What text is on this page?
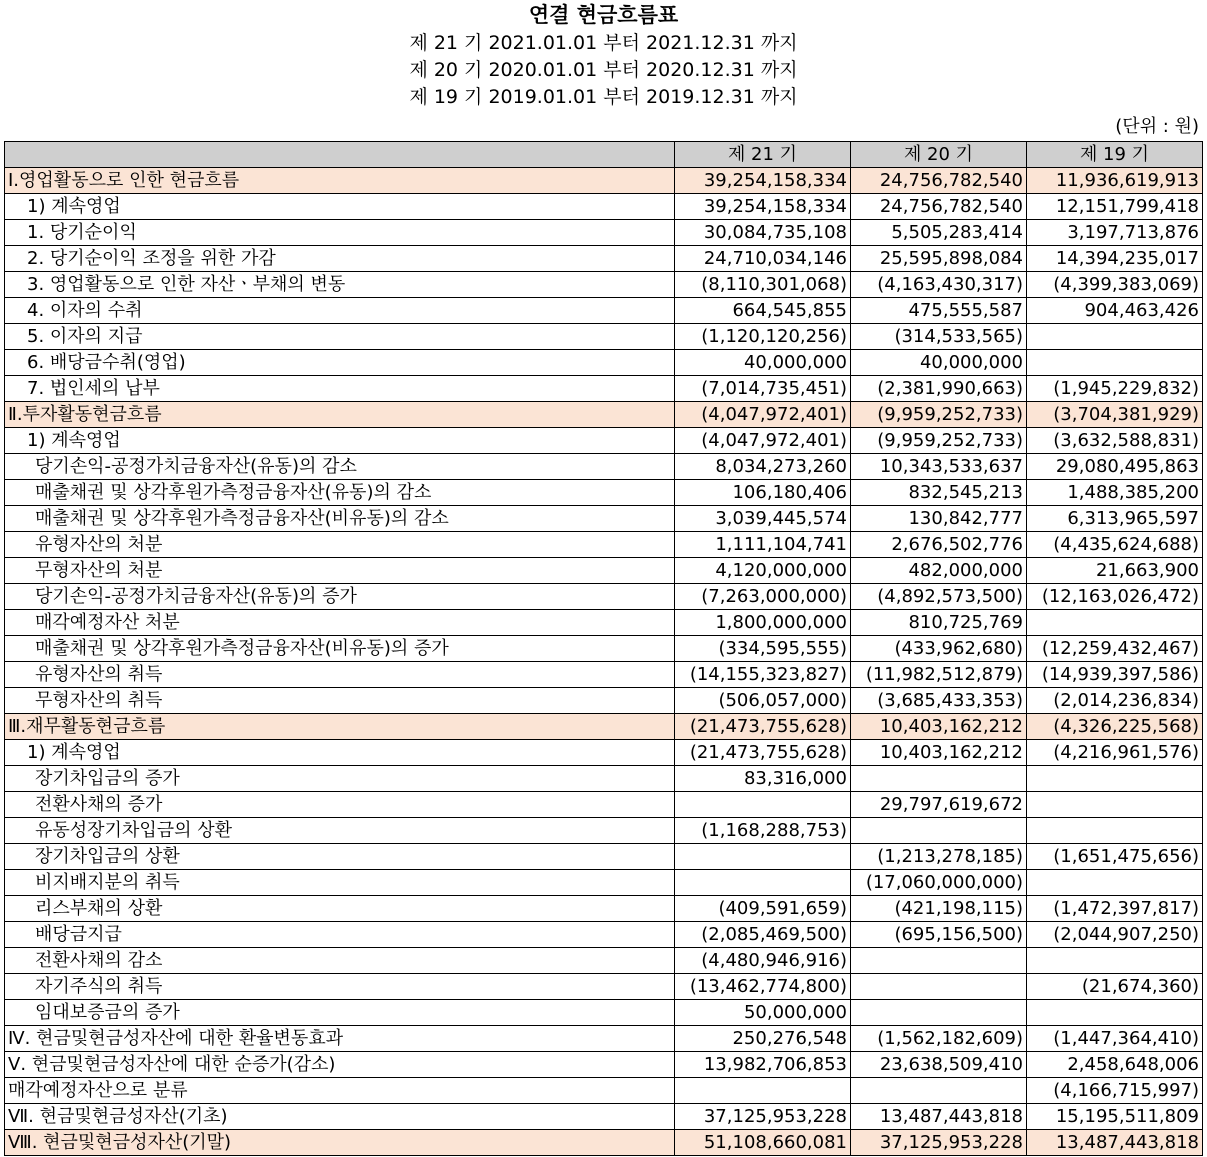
연결 현금흐름표
제 21 기 2021.01.01 부터 2021.12.31 까지
제 20 기 2020.01.01 부터 2020.12.31 까지
제 19 기 2019.01.01 부터 2019.12.31 까지
(단위 : 원)
	제 21 기	제 20 기	제 19 기
Ⅰ.영업활동으로 인한 현금흐름	39,254,158,334	24,756,782,540	11,936,619,913
1) 계속영업	39,254,158,334	24,756,782,540	12,151,799,418
1. 당기순이익	30,084,735,108	5,505,283,414	3,197,713,876
2. 당기순이익 조정을 위한 가감	24,710,034,146	25,595,898,084	14,394,235,017
3. 영업활동으로 인한 자산ㆍ부채의 변동	(8,110,301,068)	(4,163,430,317)	(4,399,383,069)
4. 이자의 수취	664,545,855	475,555,587	904,463,426
5. 이자의 지급	(1,120,120,256)	(314,533,565)	
6. 배당금수취(영업)	40,000,000	40,000,000	
7. 법인세의 납부	(7,014,735,451)	(2,381,990,663)	(1,945,229,832)
Ⅱ.투자활동현금흐름	(4,047,972,401)	(9,959,252,733)	(3,704,381,929)
1) 계속영업	(4,047,972,401)	(9,959,252,733)	(3,632,588,831)
당기손익-공정가치금융자산(유동)의 감소	8,034,273,260	10,343,533,637	29,080,495,863
매출채권 및 상각후원가측정금융자산(유동)의 감소	106,180,406	832,545,213	1,488,385,200
매출채권 및 상각후원가측정금융자산(비유동)의 감소	3,039,445,574	130,842,777	6,313,965,597
유형자산의 처분	1,111,104,741	2,676,502,776	(4,435,624,688)
무형자산의 처분	4,120,000,000	482,000,000	21,663,900
당기손익-공정가치금융자산(유동)의 증가	(7,263,000,000)	(4,892,573,500)	(12,163,026,472)
매각예정자산 처분	1,800,000,000	810,725,769	
매출채권 및 상각후원가측정금융자산(비유동)의 증가	(334,595,555)	(433,962,680)	(12,259,432,467)
유형자산의 취득	(14,155,323,827)	(11,982,512,879)	(14,939,397,586)
무형자산의 취득	(506,057,000)	(3,685,433,353)	(2,014,236,834)
Ⅲ.재무활동현금흐름	(21,473,755,628)	10,403,162,212	(4,326,225,568)
1) 계속영업	(21,473,755,628)	10,403,162,212	(4,216,961,576)
장기차입금의 증가	83,316,000		
전환사채의 증가		29,797,619,672	
유동성장기차입금의 상환	(1,168,288,753)		
장기차입금의 상환		(1,213,278,185)	(1,651,475,656)
비지배지분의 취득		(17,060,000,000)	
리스부채의 상환	(409,591,659)	(421,198,115)	(1,472,397,817)
배당금지급	(2,085,469,500)	(695,156,500)	(2,044,907,250)
전환사채의 감소	(4,480,946,916)		
자기주식의 취득	(13,462,774,800)		(21,674,360)
임대보증금의 증가	50,000,000		
Ⅳ. 현금및현금성자산에 대한 환율변동효과	250,276,548	(1,562,182,609)	(1,447,364,410)
Ⅴ. 현금및현금성자산에 대한 순증가(감소)	13,982,706,853	23,638,509,410	2,458,648,006
매각예정자산으로 분류			(4,166,715,997)
Ⅶ. 현금및현금성자산(기초)	37,125,953,228	13,487,443,818	15,195,511,809
Ⅷ. 현금및현금성자산(기말)	51,108,660,081	37,125,953,228	13,487,443,818
